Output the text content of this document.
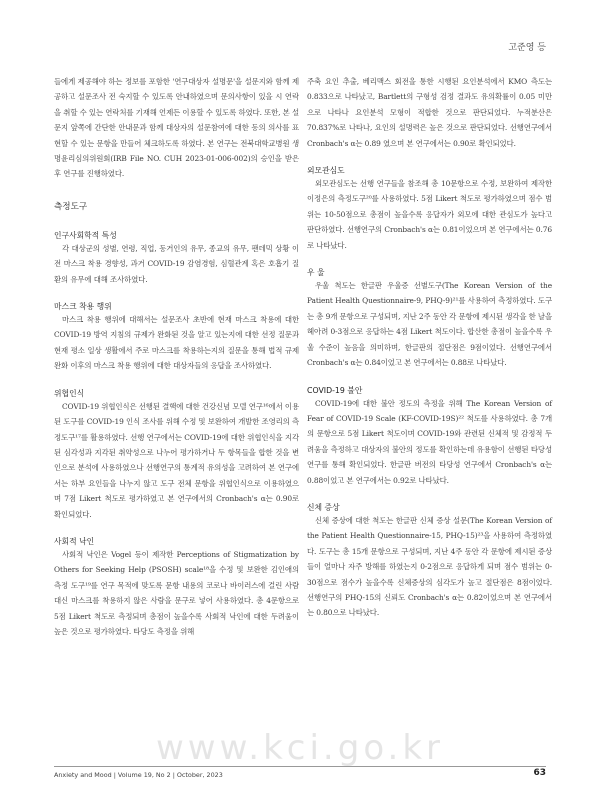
고준영 등

들에게 제공해야 하는 정보를 포함한 '연구대상자 설명문'을 설문지와 함께 제공하고 설문조사 전 숙지할 수 있도록 안내하였으며 문의사항이 있을 시 연락을 취할 수 있는 연락처를 기재해 언제든 이용할 수 있도록 하였다. 또한, 본 설문지 앞쪽에 간단한 안내문과 함께 대상자의 설문참여에 대한 동의 의사를 표현할 수 있는 문항을 만들어 체크하도록 하였다. 본 연구는 전북대학교병원 생명윤리심의위원회(IRB File NO. CUH 2023-01-006-002)의 승인을 받은 후 연구를 진행하였다.

측정도구

인구사회학적 특성

각 대상군의 성별, 연령, 직업, 동거인의 유무, 종교의 유무, 팬데믹 상황 이전 마스크 착용 경향성, 과거 COVID-19 감염경험, 심혈관계 혹은 호흡기 질환의 유무에 대해 조사하였다.

마스크 착용 행위

마스크 착용 행위에 대해서는 설문조사 초반에 현재 마스크 착용에 대한 COVID-19 방역 지침의 규제가 완화된 것을 알고 있는지에 대한 선정 질문과 현재 평소 일상 생활에서 주로 마스크를 착용하는지의 질문을 통해 법적 규제 완화 이후의 마스크 착용 행위에 대한 대상자들의 응답을 조사하였다.

위협인식

COVID-19 위협인식은 선행된 결핵에 대한 건강신념 모델 연구¹⁶에서 이용된 도구를 COVID-19 인식 조사를 위해 수정 및 보완하여 개발한 조영리의 측정도구¹⁷를 활용하였다. 선행 연구에서는 COVID-19에 대한 위협인식을 지각된 심각성과 지각된 취약성으로 나누어 평가하거나 두 항목들을 합한 것을 변인으로 분석에 사용하였으나 선행연구의 통계적 유의성을 고려하여 본 연구에서는 하부 요인들을 나누지 않고 도구 전체 문항을 위협인식으로 이용하였으며 7점 Likert 척도로 평가하였고 본 연구에서의 Cronbach's α는 0.90로 확인되었다.

사회적 낙인

사회적 낙인은 Vogel 등이 제작한 Perceptions of Stigmatization by Others for Seeking Help (PSOSH) scale¹⁸을 수정 및 보완한 김인애의 측정 도구¹⁹를 연구 목적에 맞도록 문항 내용의 코로나 바이러스에 걸린 사람 대신 마스크를 착용하지 않은 사람을 문구로 넣어 사용하였다. 총 4문항으로 5점 Likert 척도로 측정되며 총점이 높을수록 사회적 낙인에 대한 두려움이 높은 것으로 평가하였다. 타당도 측정을 위해

주축 요인 추출, 베리맥스 회전을 통한 시행된 요인분석에서 KMO 측도는 0.833으로 나타났고, Bartlett의 구형성 검정 결과도 유의확률이 0.05 미만으로 나타나 요인분석 모형이 적합한 것으로 판단되었다. 누적분산은 70.837%로 나타나, 요인의 설명력은 높은 것으로 판단되었다. 선행연구에서 Cronbach's α는 0.89 였으며 본 연구에서는 0.90로 확인되었다.

외모관심도

외모관심도는 선행 연구들을 참조해 총 10문항으로 수정, 보완하여 제작한 이정은의 측정도구²⁰를 사용하였다. 5점 Likert 척도로 평가하였으며 점수 범위는 10-50점으로 총점이 높을수록 응답자가 외모에 대한 관심도가 높다고 판단하였다. 선행연구의 Cronbach's α는 0.81이었으며 본 연구에서는 0.76로 나타났다.

우 울

우울 척도는 한글판 우울증 선별도구(The Korean Version of the Patient Health Questionnaire-9, PHQ-9)²¹를 사용하여 측정하였다. 도구는 총 9개 문항으로 구성되며, 지난 2주 동안 각 문항에 제시된 생각을 한 날을 헤아려 0-3점으로 응답하는 4점 Likert 척도이다. 합산한 총점이 높을수록 우울 수준이 높음을 의미하며, 한글판의 절단점은 9점이었다. 선행연구에서 Cronbach's α는 0.84이었고 본 연구에서는 0.88로 나타났다.

COVID-19 불안

COVID-19에 대한 불안 정도의 측정을 위해 The Korean Version of Fear of COVID-19 Scale (KF-COVID-19S)²² 척도를 사용하였다. 총 7개의 문항으로 5점 Likert 척도이며 COVID-19와 관련된 신체적 및 감정적 두려움을 측정하고 대상자의 불안의 정도를 확인하는데 유용함이 선행된 타당성 연구를 통해 확인되었다. 한글판 버전의 타당성 연구에서 Cronbach's α는 0.88이었고 본 연구에서는 0.92로 나타났다.

신체 증상

신체 증상에 대한 척도는 한글판 신체 증상 설문(The Korean Version of the Patient Health Questionnaire-15, PHQ-15)²³을 사용하여 측정하였다. 도구는 총 15개 문항으로 구성되며, 지난 4주 동안 각 문항에 제시된 증상들이 얼마나 자주 방해를 하였는지 0-2점으로 응답하게 되며 점수 범위는 0-30점으로 점수가 높을수록 신체증상의 심각도가 높고 절단점은 8점이었다. 선행연구의 PHQ-15의 신뢰도 Cronbach's α는 0.82이었으며 본 연구에서는 0.80으로 나타났다.

www.kci.go.kr
Anxiety and Mood | Volume 19, No 2 | October, 2023	63
